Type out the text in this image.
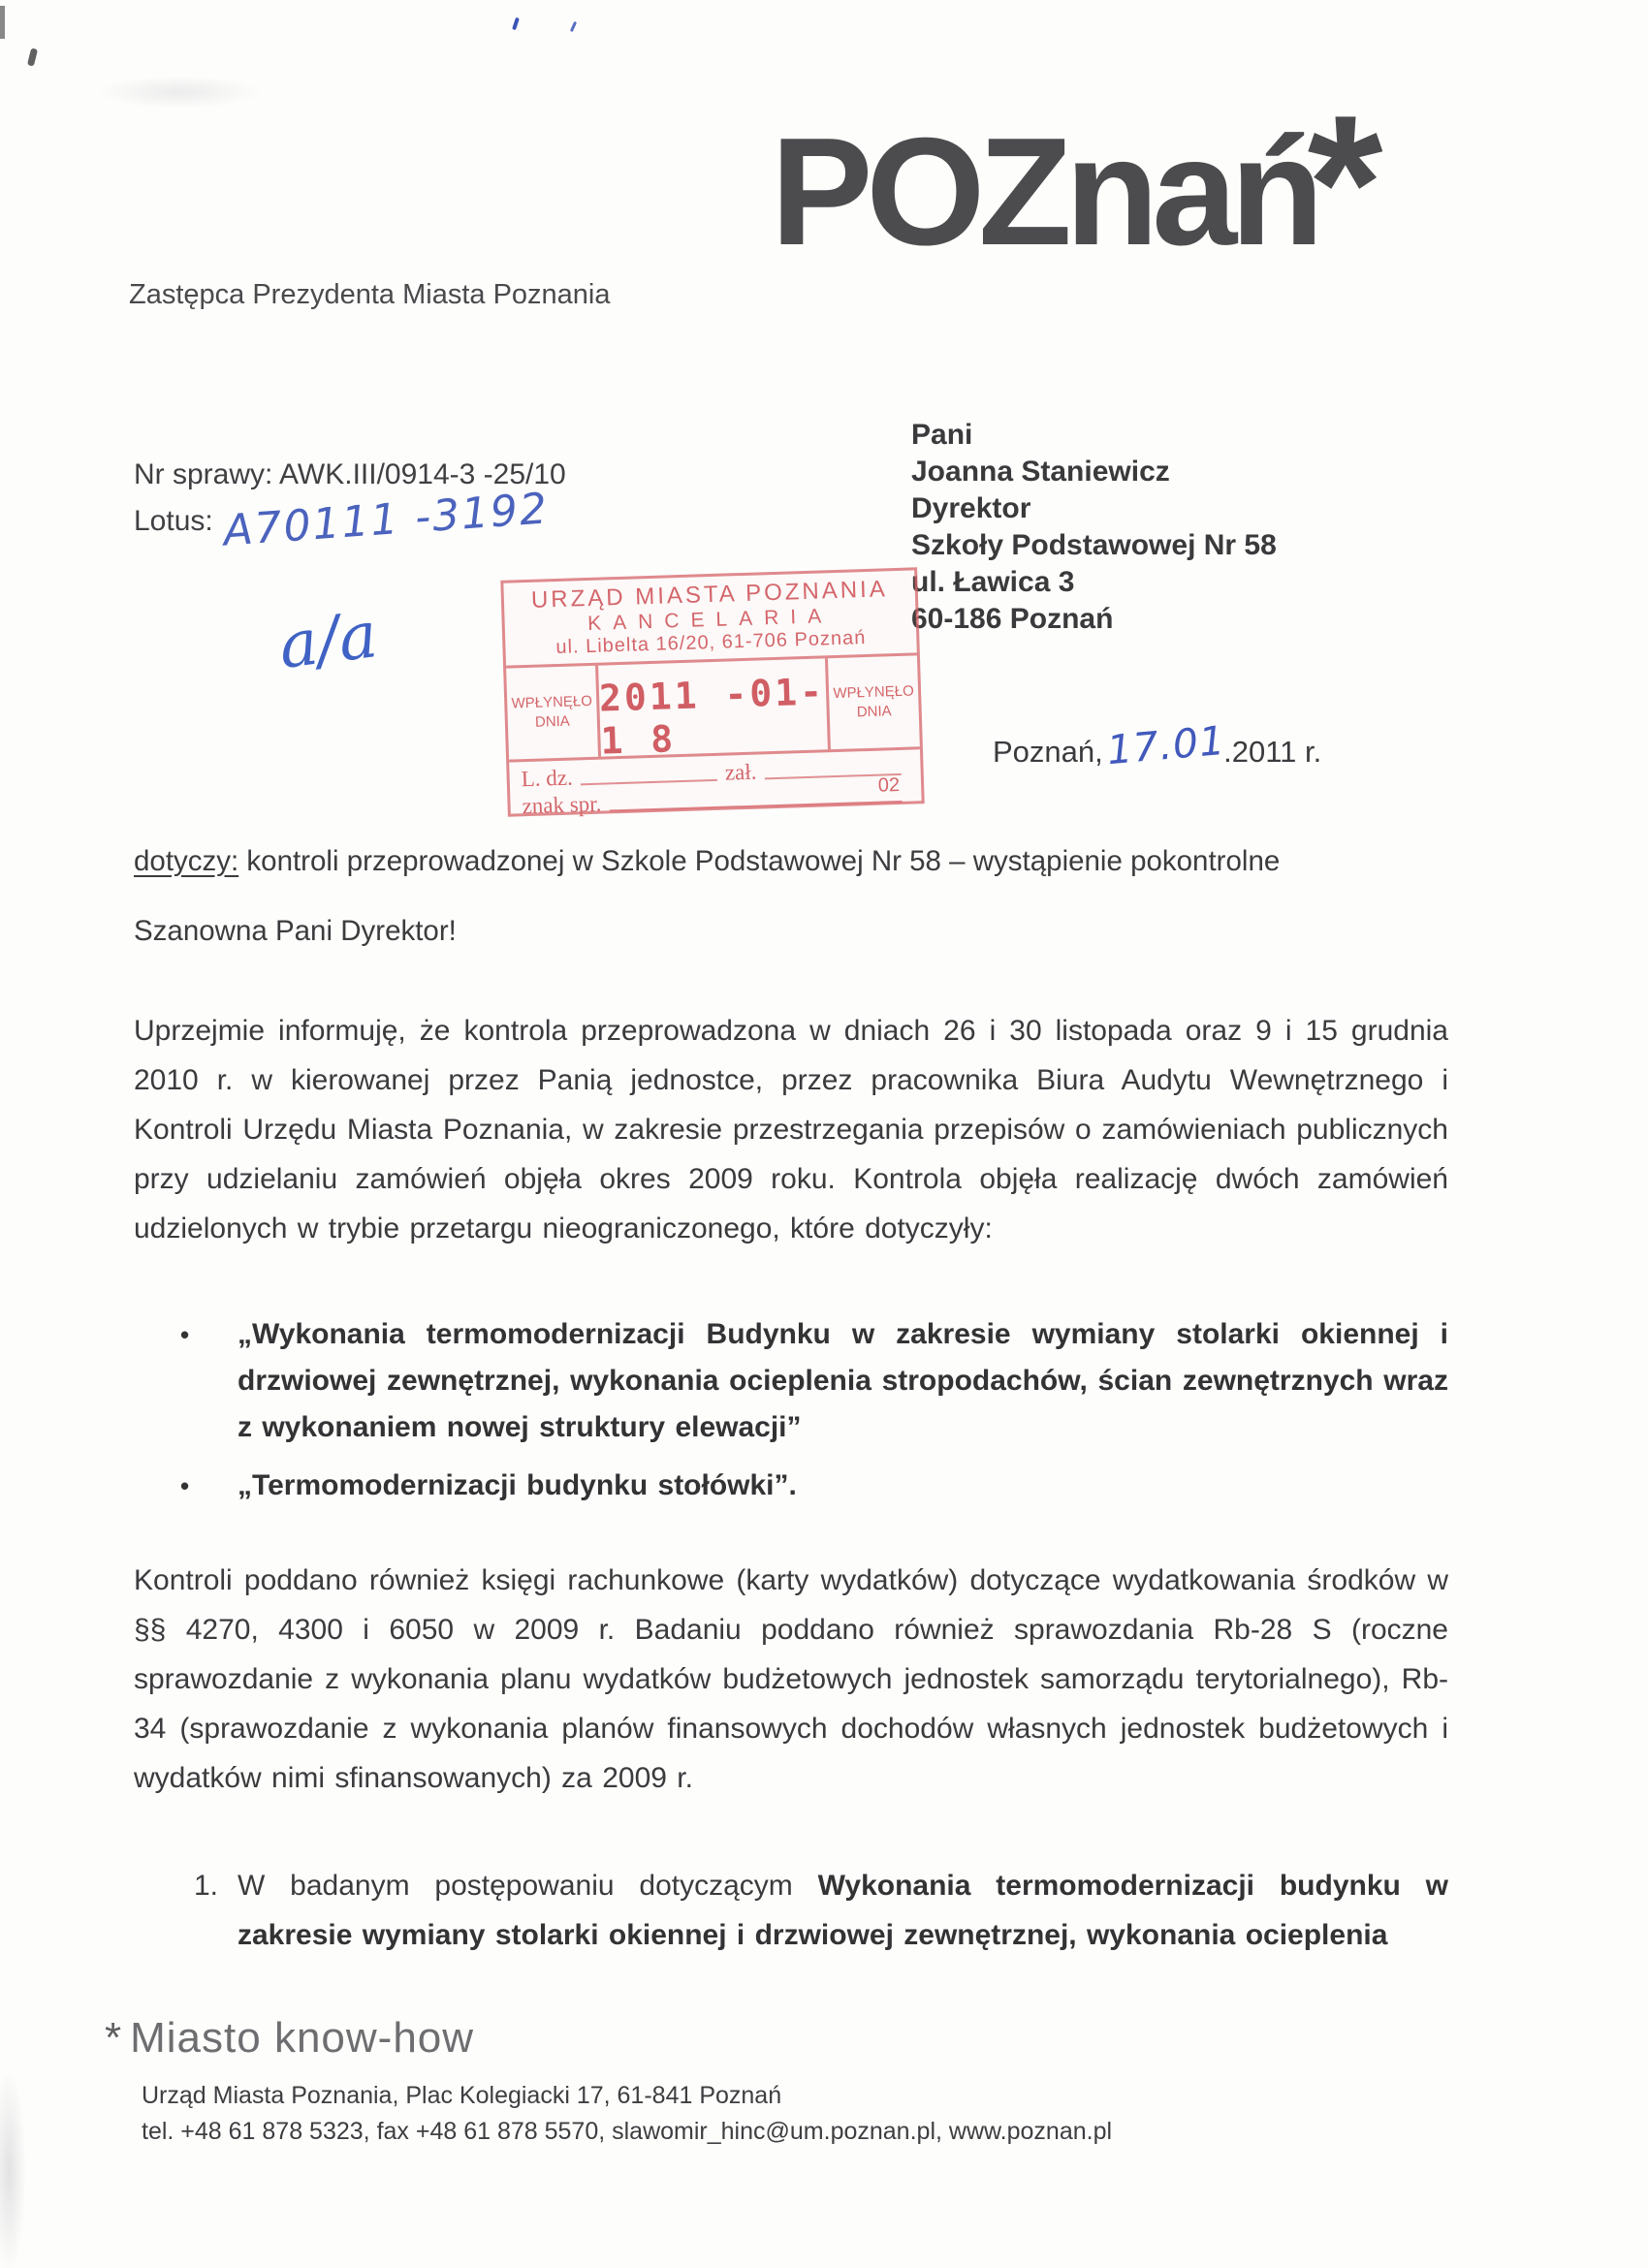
POZnań*
Zastępca Prezydenta Miasta Poznania
Nr sprawy: AWK.III/0914-3 -25/10
Lotus: A70111 -3192
Pani
Joanna Staniewicz
Dyrektor
Szkoły Podstawowej Nr 58
ul. Ławica 3
60-186 Poznań
URZĄD MIASTA POZNANIA
KANCELARIA
ul. Libelta 16/20, 61-706 Poznań
WPŁYNĘŁO
DNIA
2011 -01- 1 8
WPŁYNĘŁO
DNIA
L. dz.	zał.
znak spr.
02
a/a
Poznań,17.01.2011 r.
dotyczy: kontroli przeprowadzonej w Szkole Podstawowej Nr 58 – wystąpienie pokontrolne
Szanowna Pani Dyrektor!

Uprzejmie informuję, że kontrola przeprowadzona w dniach 26 i 30 listopada oraz 9 i 15 grudnia 2010 r. w kierowanej przez Panią jednostce, przez pracownika Biura Audytu Wewnętrznego i Kontroli Urzędu Miasta Poznania, w zakresie przestrzegania przepisów o zamówieniach publicznych przy udzielaniu zamówień objęła okres 2009 roku. Kontrola objęła realizację dwóch zamówień udzielonych w trybie przetargu nieograniczonego, które dotyczyły:

•	„Wykonania termomodernizacji Budynku w zakresie wymiany stolarki okiennej i drzwiowej zewnętrznej, wykonania ocieplenia stropodachów, ścian zewnętrznych wraz z wykonaniem nowej struktury elewacji”
•	„Termomodernizacji budynku stołówki”.

Kontroli poddano również księgi rachunkowe (karty wydatków) dotyczące wydatkowania środków w §§ 4270, 4300 i 6050 w 2009 r. Badaniu poddano również sprawozdania Rb-28 S (roczne sprawozdanie z wykonania planu wydatków budżetowych jednostek samorządu terytorialnego), Rb-34 (sprawozdanie z wykonania planów finansowych dochodów własnych jednostek budżetowych i wydatków nimi sfinansowanych) za 2009 r.

1. W badanym postępowaniu dotyczącym Wykonania termomodernizacji budynku w zakresie wymiany stolarki okiennej i drzwiowej zewnętrznej, wykonania ocieplenia
* Miasto know-how
Urząd Miasta Poznania, Plac Kolegiacki 17, 61-841 Poznań
tel. +48 61 878 5323, fax +48 61 878 5570, slawomir_hinc@um.poznan.pl, www.poznan.pl
